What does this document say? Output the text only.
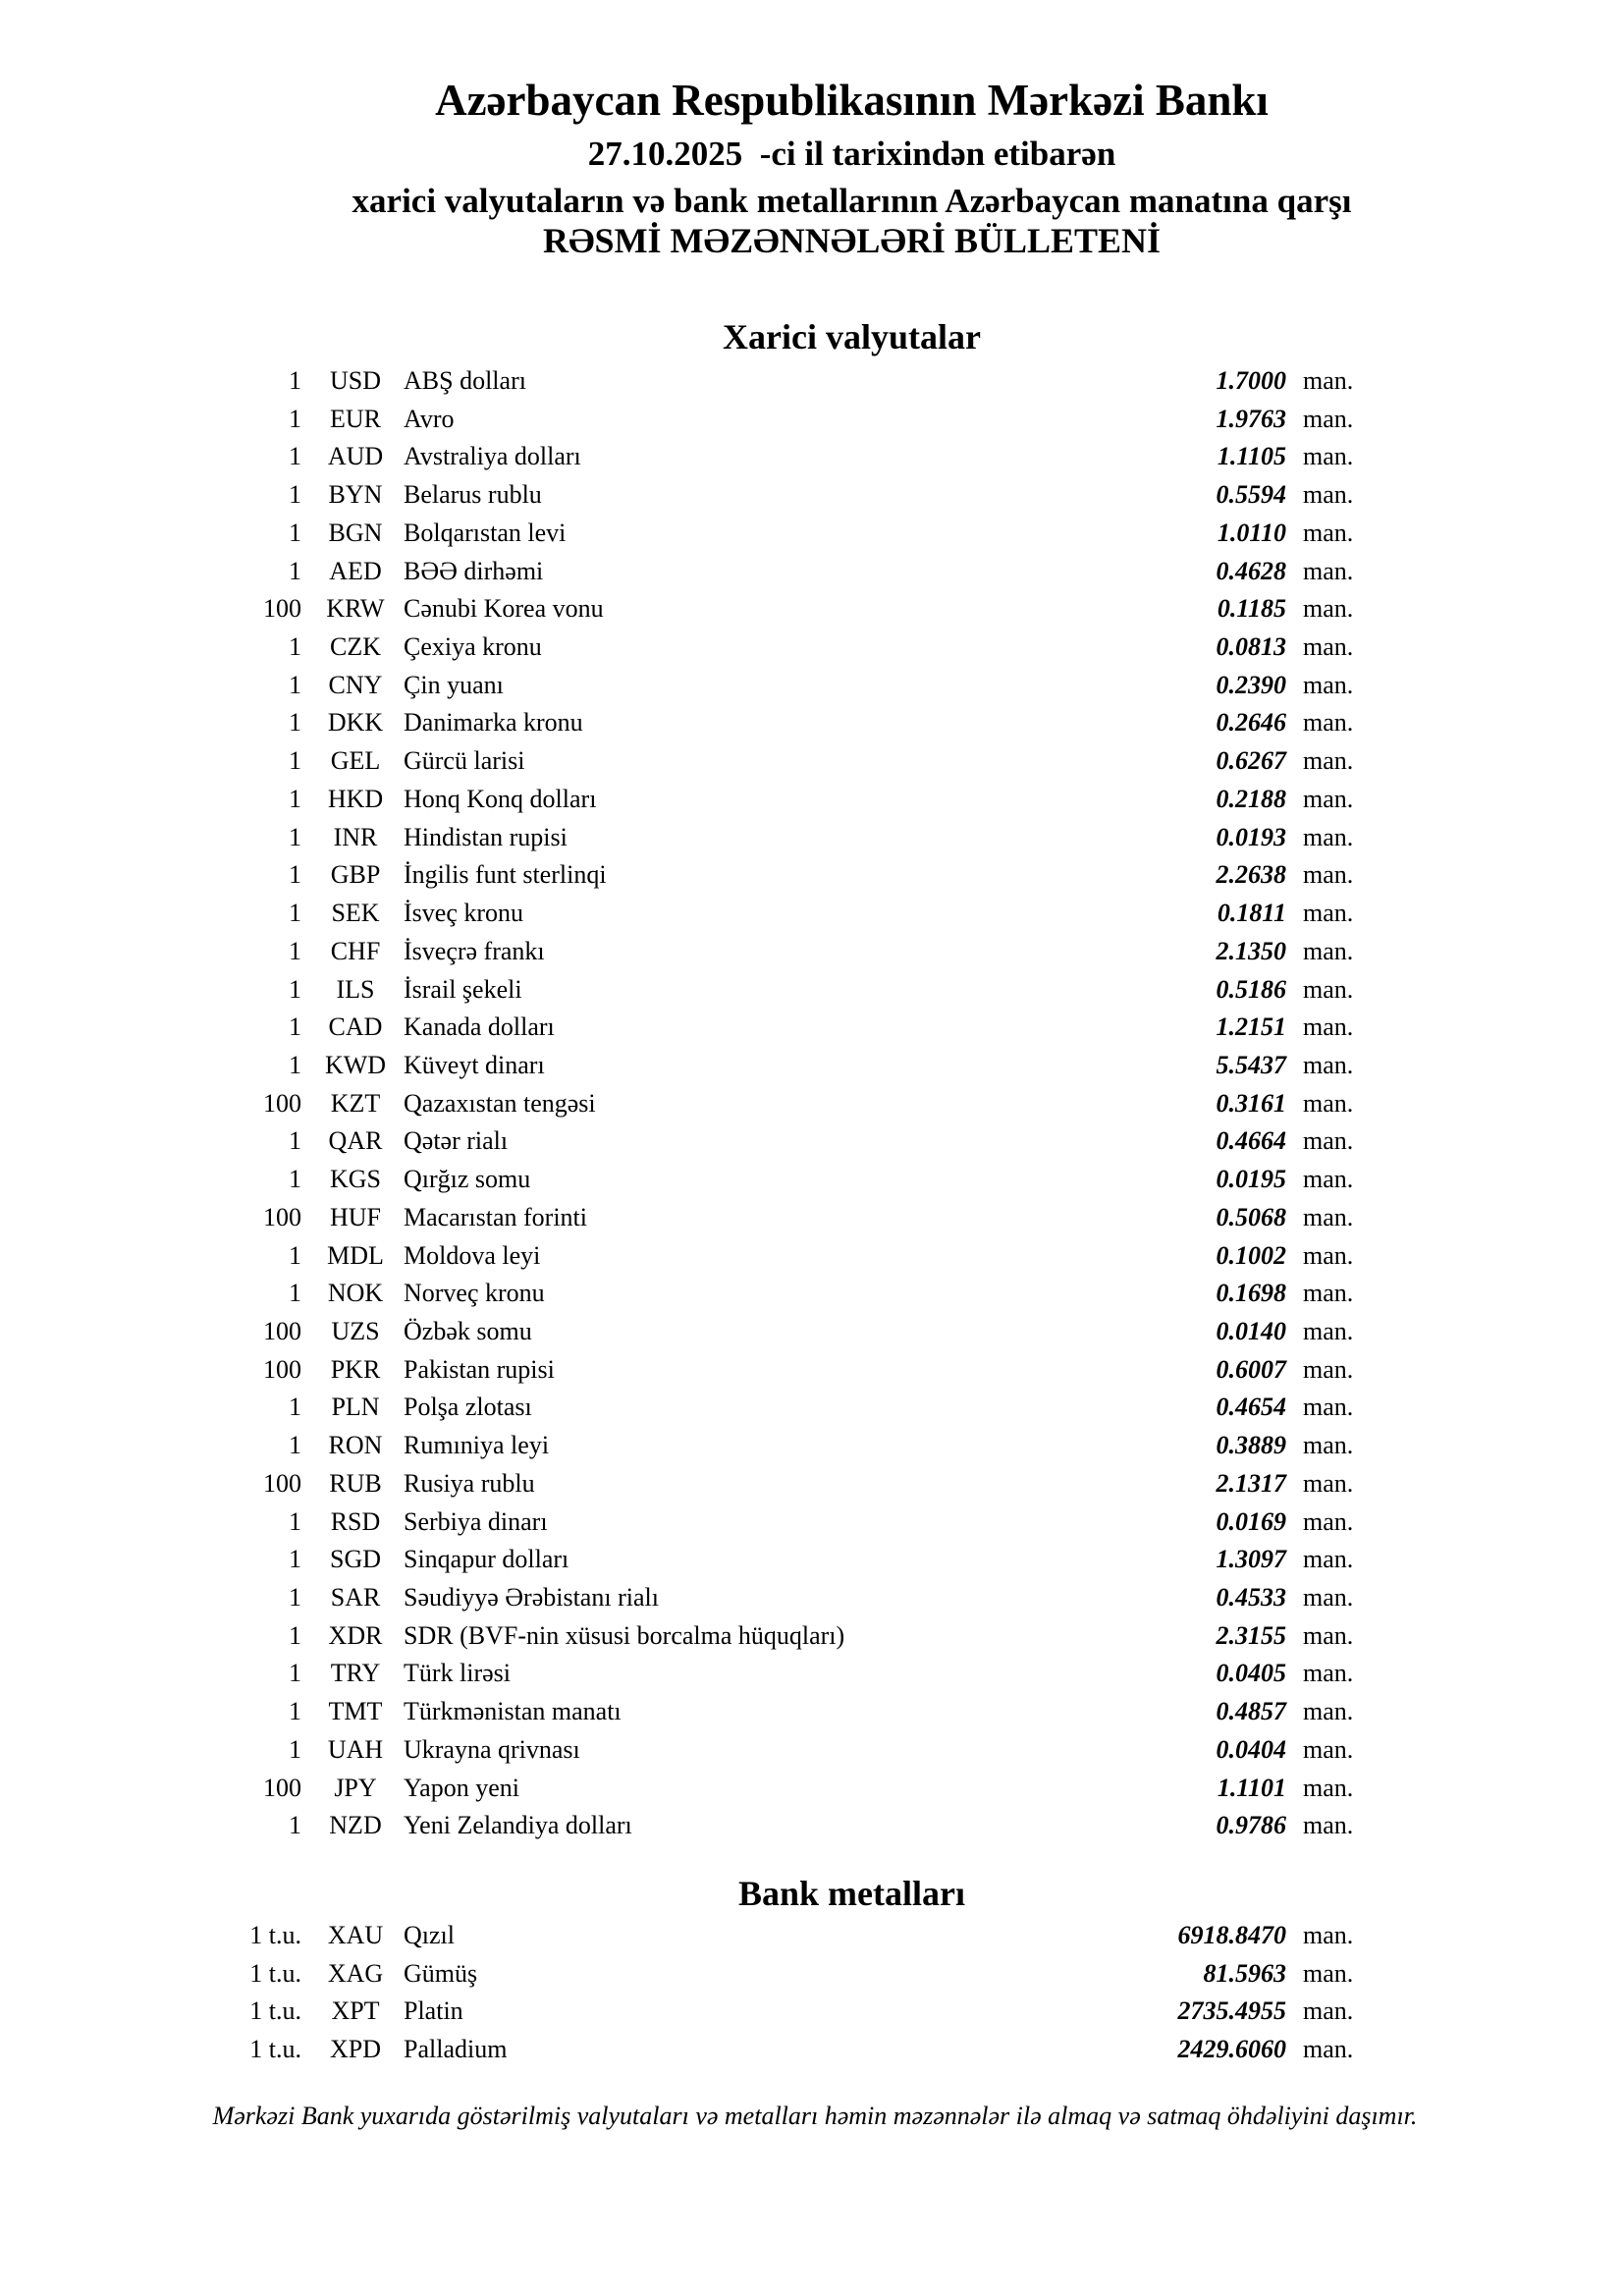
Azərbaycan Respublikasının Mərkəzi Bankı
27.10.2025  -ci il tarixindən etibarən
xarici valyutaların və bank metallarının Azərbaycan manatına qarşı
RƏSMİ MƏZƏNNƏLƏRİ BÜLLETENİ
Xarici valyutalar
1	USD ABŞ dolları	1.7000 man.
1	EUR Avro	1.9763 man.
1	AUD Avstraliya dolları	1.1105 man.
1	BYN Belarus rublu	0.5594 man.
1	BGN Bolqarıstan levi	1.0110 man.
1	AED BƏƏ dirhəmi	0.4628 man.
100 KRW Cənubi Korea vonu	0.1185 man.
1	CZK Çexiya kronu	0.0813 man.
1	CNY Çin yuanı	0.2390 man.
1	DKK Danimarka kronu	0.2646 man.
1	GEL Gürcü larisi	0.6267 man.
1	HKD Honq Konq dolları	0.2188 man.
1	INR	Hindistan rupisi	0.0193 man.
1	GBP İngilis funt sterlinqi	2.2638 man.
1	SEK İsveç kronu	0.1811 man.
1	CHF İsveçrə frankı	2.1350 man.
1	ILS	İsrail şekeli	0.5186 man.
1	CAD Kanada dolları	1.2151 man.
1 KWD Küveyt dinarı	5.5437 man.
100	KZT Qazaxıstan tengəsi	0.3161 man.
1	QAR Qətər rialı	0.4664 man.
1	KGS Qırğız somu	0.0195 man.
100	HUF Macarıstan forinti	0.5068 man.
1	MDL Moldova leyi	0.1002 man.
1	NOK Norveç kronu	0.1698 man.
100	UZS Özbək somu	0.0140 man.
100	PKR Pakistan rupisi	0.6007 man.
1	PLN Polşa zlotası	0.4654 man.
1	RON Rumıniya leyi	0.3889 man.
100	RUB Rusiya rublu	2.1317 man.
1	RSD Serbiya dinarı	0.0169 man.
1	SGD Sinqapur dolları	1.3097 man.
1	SAR Səudiyyə Ərəbistanı rialı	0.4533 man.
1	XDR SDR (BVF-nin xüsusi borcalma hüquqları)	2.3155 man.
1	TRY Türk lirəsi	0.0405 man.
1	TMT Türkmənistan manatı	0.4857 man.
1	UAH Ukrayna qrivnası	0.0404 man.
100	JPY	Yapon yeni	1.1101 man.
1	NZD Yeni Zelandiya dolları	0.9786 man.
Bank metalları
1 t.u.	XAU Qızıl	6918.8470 man.
1 t.u.	XAG Gümüş	81.5963 man.
1 t.u.	XPT Platin	2735.4955 man.
1 t.u.	XPD Palladium	2429.6060 man.
Mərkəzi Bank yuxarıda göstərilmiş valyutaları və metalları həmin məzənnələr ilə almaq və satmaq öhdəliyini daşımır.
